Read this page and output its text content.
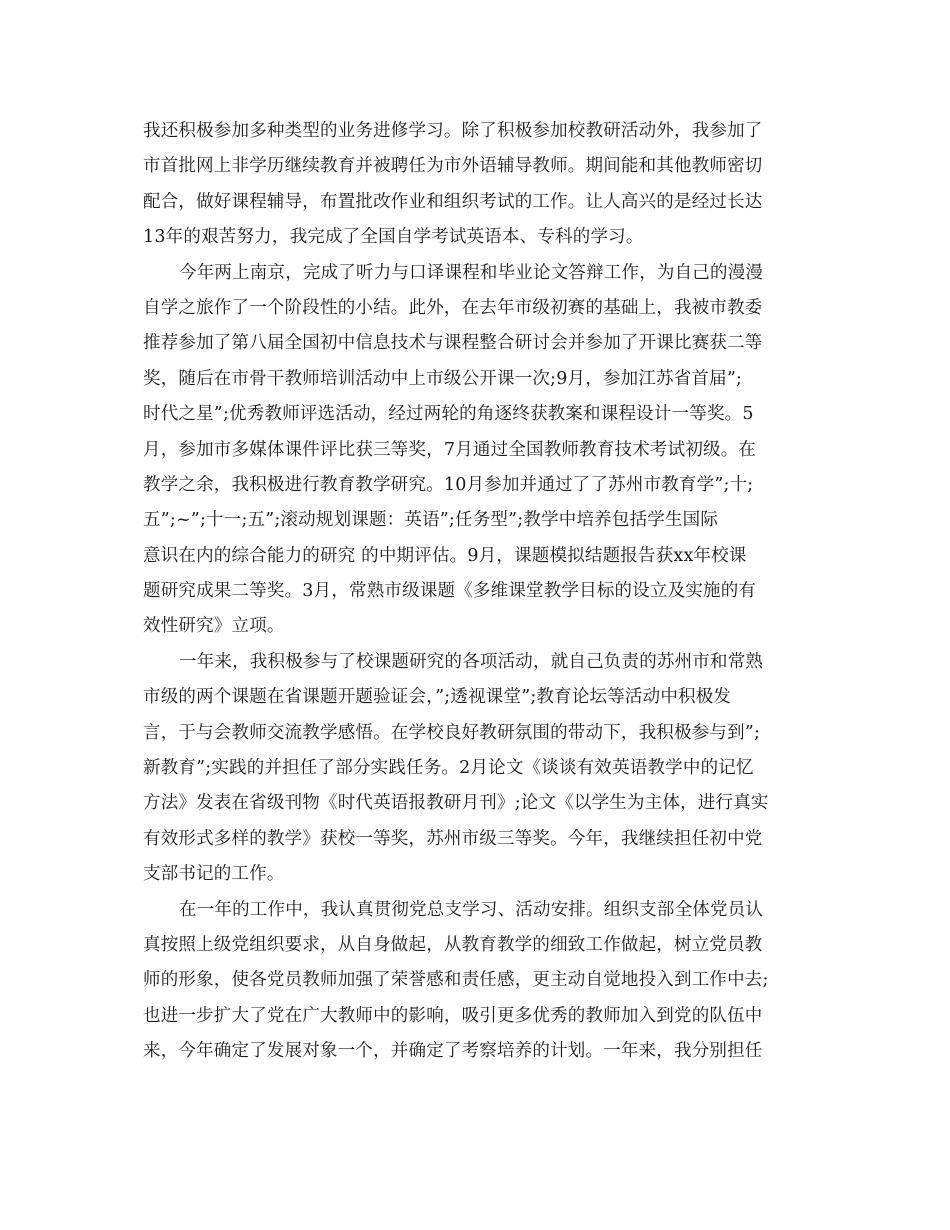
我还积极参加多种类型的业务进修学习。除了积极参加校教研活动外，我参加了
市首批网上非学历继续教育并被聘任为市外语辅导教师。期间能和其他教师密切
配合，做好课程辅导，布置批改作业和组织考试的工作。让人高兴的是经过长达
13年的艰苦努力，我完成了全国自学考试英语本、专科的学习。

今年两上南京，完成了听力与口译课程和毕业论文答辩工作，为自己的漫漫
自学之旅作了一个阶段性的小结。此外，在去年市级初赛的基础上，我被市教委
推荐参加了第八届全国初中信息技术与课程整合研讨会并参加了开课比赛获二等
奖，随后在市骨干教师培训活动中上市级公开课一次;9月，参加江苏省首届”;
时代之星”;优秀教师评选活动，经过两轮的角逐终获教案和课程设计一等奖。5
月，参加市多媒体课件评比获三等奖，7月通过全国教师教育技术考试初级。在
教学之余，我积极进行教育教学研究。10月参加并通过了了苏州市教育学”;十;
五”;~”;十一;五”;滚动规划课题：英语”;任务型”;教学中培养包括学生国际
意识在内的综合能力的研究 的中期评估。9月，课题模拟结题报告获xx年校课
题研究成果二等奖。3月，常熟市级课题《多维课堂教学目标的设立及实施的有
效性研究》立项。

一年来，我积极参与了校课题研究的各项活动，就自己负责的苏州市和常熟
市级的两个课题在省课题开题验证会，”;透视课堂”;教育论坛等活动中积极发
言，于与会教师交流教学感悟。在学校良好教研氛围的带动下，我积极参与到”;
新教育”;实践的并担任了部分实践任务。2月论文《谈谈有效英语教学中的记忆
方法》发表在省级刊物《时代英语报教研月刊》;论文《以学生为主体，进行真实
有效形式多样的教学》获校一等奖，苏州市级三等奖。今年，我继续担任初中党
支部书记的工作。

在一年的工作中，我认真贯彻党总支学习、活动安排。组织支部全体党员认
真按照上级党组织要求，从自身做起，从教育教学的细致工作做起，树立党员教
师的形象，使各党员教师加强了荣誉感和责任感，更主动自觉地投入到工作中去;
也进一步扩大了党在广大教师中的影响，吸引更多优秀的教师加入到党的队伍中
来，今年确定了发展对象一个，并确定了考察培养的计划。一年来，我分别担任
